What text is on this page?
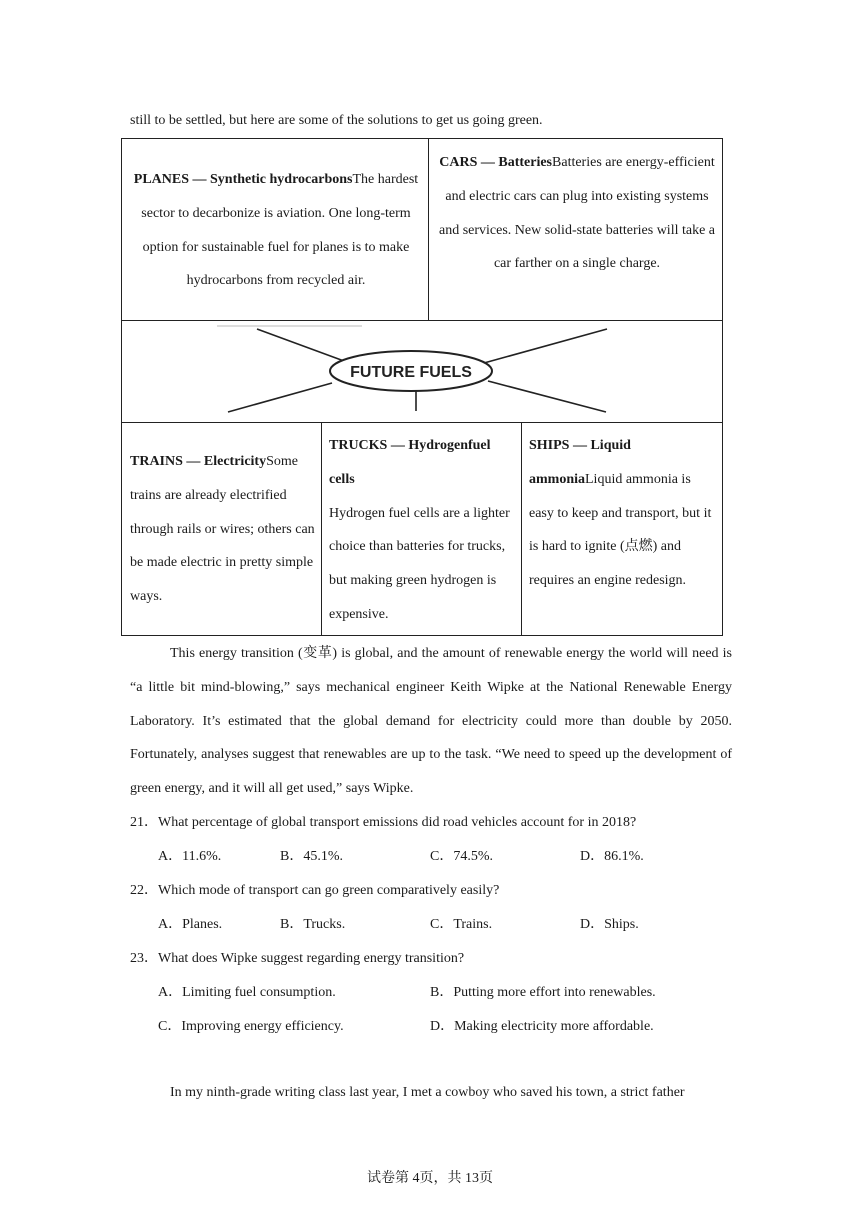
still to be settled, but here are some of the solutions to get us going green.
PLANES — Synthetic hydrocarbonsThe hardest sector to decarbonize is aviation. One long-term option for sustainable fuel for planes is to make hydrocarbons from recycled air.
CARS — BatteriesBatteries are energy-efficient and electric cars can plug into existing systems and services. New solid-state batteries will take a car farther on a single charge.
FUTURE FUELS
TRAINS — ElectricitySome trains are already electrified through rails or wires; others can be made electric in pretty simple ways.
TRUCKS — Hydrogenfuel cells
Hydrogen fuel cells are a lighter choice than batteries for trucks, but making green hydrogen is expensive.
SHIPS — Liquid ammoniaLiquid ammonia is easy to keep and transport, but it is hard to ignite (点燃) and requires an engine redesign.
This energy transition (变革) is global, and the amount of renewable energy the world will need is “a little bit mind-blowing,” says mechanical engineer Keith Wipke at the National Renewable Energy Laboratory. It’s estimated that the global demand for electricity could more than double by 2050. Fortunately, analyses suggest that renewables are up to the task. “We need to speed up the development of green energy, and it will all get used,” says Wipke.
21．What percentage of global transport emissions did road vehicles account for in 2018?
A．11.6%.	B．45.1%.	C．74.5%.	D．86.1%.
22．Which mode of transport can go green comparatively easily?
A．Planes.	B．Trucks.	C．Trains.	D．Ships.
23．What does Wipke suggest regarding energy transition?
A．Limiting fuel consumption.	B．Putting more effort into renewables.
C．Improving energy efficiency.	D．Making electricity more affordable.
In my ninth-grade writing class last year, I met a cowboy who saved his town, a strict father
试卷第 4页，共 13页
